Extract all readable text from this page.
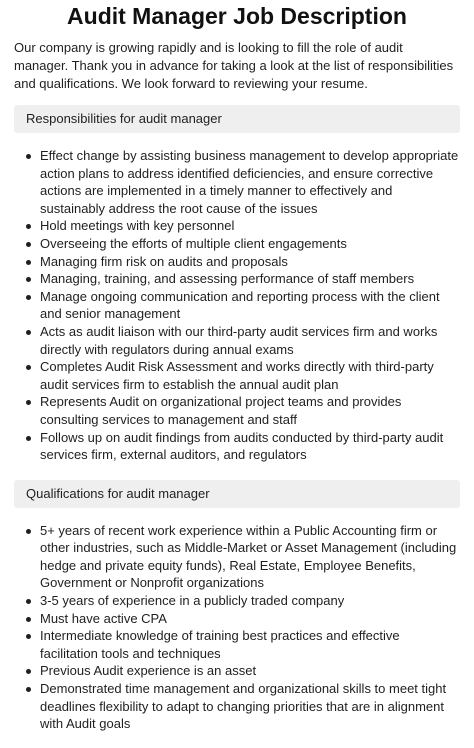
Audit Manager Job Description

Our company is growing rapidly and is looking to fill the role of audit manager. Thank you in advance for taking a look at the list of responsibilities and qualifications. We look forward to reviewing your resume.

Responsibilities for audit manager
Effect change by assisting business management to develop appropriate action plans to address identified deficiencies, and ensure corrective actions are implemented in a timely manner to effectively and sustainably address the root cause of the issues
Hold meetings with key personnel
Overseeing the efforts of multiple client engagements
Managing firm risk on audits and proposals
Managing, training, and assessing performance of staff members
Manage ongoing communication and reporting process with the client and senior management
Acts as audit liaison with our third-party audit services firm and works directly with regulators during annual exams
Completes Audit Risk Assessment and works directly with third-party audit services firm to establish the annual audit plan
Represents Audit on organizational project teams and provides consulting services to management and staff
Follows up on audit findings from audits conducted by third-party audit services firm, external auditors, and regulators
Qualifications for audit manager
5+ years of recent work experience within a Public Accounting firm or other industries, such as Middle-Market or Asset Management (including hedge and private equity funds), Real Estate, Employee Benefits, Government or Nonprofit organizations
3-5 years of experience in a publicly traded company
Must have active CPA
Intermediate knowledge of training best practices and effective facilitation tools and techniques
Previous Audit experience is an asset
Demonstrated time management and organizational skills to meet tight deadlines flexibility to adapt to changing priorities that are in alignment with Audit goals
